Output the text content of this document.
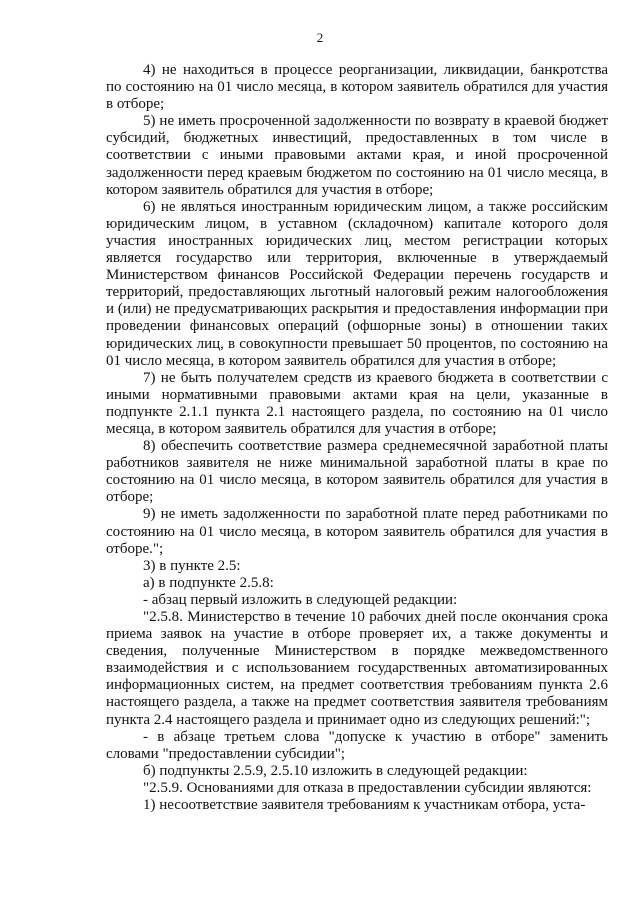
2

4) не находиться в процессе реорганизации, ликвидации, банкротства по состоянию на 01 число месяца, в котором заявитель обратился для участия в отборе;

5) не иметь просроченной задолженности по возврату в краевой бюджет субсидий, бюджетных инвестиций, предоставленных в том числе в соответствии с иными правовыми актами края, и иной просроченной задолженности перед краевым бюджетом по состоянию на 01 число месяца, в котором заявитель обратился для участия в отборе;

6) не являться иностранным юридическим лицом, а также российским юридическим лицом, в уставном (складочном) капитале которого доля участия иностранных юридических лиц, местом регистрации которых является государство или территория, включенные в утверждаемый Министерством финансов Российской Федерации перечень государств и территорий, предоставляющих льготный налоговый режим налогообложения и (или) не предусматривающих раскрытия и предоставления информации при проведении финансовых операций (офшорные зоны) в отношении таких юридических лиц, в совокупности превышает 50 процентов, по состоянию на 01 число месяца, в котором заявитель обратился для участия в отборе;

7) не быть получателем средств из краевого бюджета в соответствии с иными нормативными правовыми актами края на цели, указанные в подпункте 2.1.1 пункта 2.1 настоящего раздела, по состоянию на 01 число месяца, в котором заявитель обратился для участия в отборе;

8) обеспечить соответствие размера среднемесячной заработной платы работников заявителя не ниже минимальной заработной платы в крае по состоянию на 01 число месяца, в котором заявитель обратился для участия в отборе;

9) не иметь задолженности по заработной плате перед работниками по состоянию на 01 число месяца, в котором заявитель обратился для участия в отборе.";

3) в пункте 2.5:

а) в подпункте 2.5.8:

- абзац первый изложить в следующей редакции:

"2.5.8. Министерство в течение 10 рабочих дней после окончания срока приема заявок на участие в отборе проверяет их, а также документы и сведения, полученные Министерством в порядке межведомственного взаимодействия и с использованием государственных автоматизированных информационных систем, на предмет соответствия требованиям пункта 2.6 настоящего раздела, а также на предмет соответствия заявителя требованиям пункта 2.4 настоящего раздела и принимает одно из следующих решений:";

- в абзаце третьем слова "допуске к участию в отборе" заменить словами "предоставлении субсидии";

б) подпункты 2.5.9, 2.5.10 изложить в следующей редакции:

"2.5.9. Основаниями для отказа в предоставлении субсидии являются:

1) несоответствие заявителя требованиям к участникам отбора, уста-
